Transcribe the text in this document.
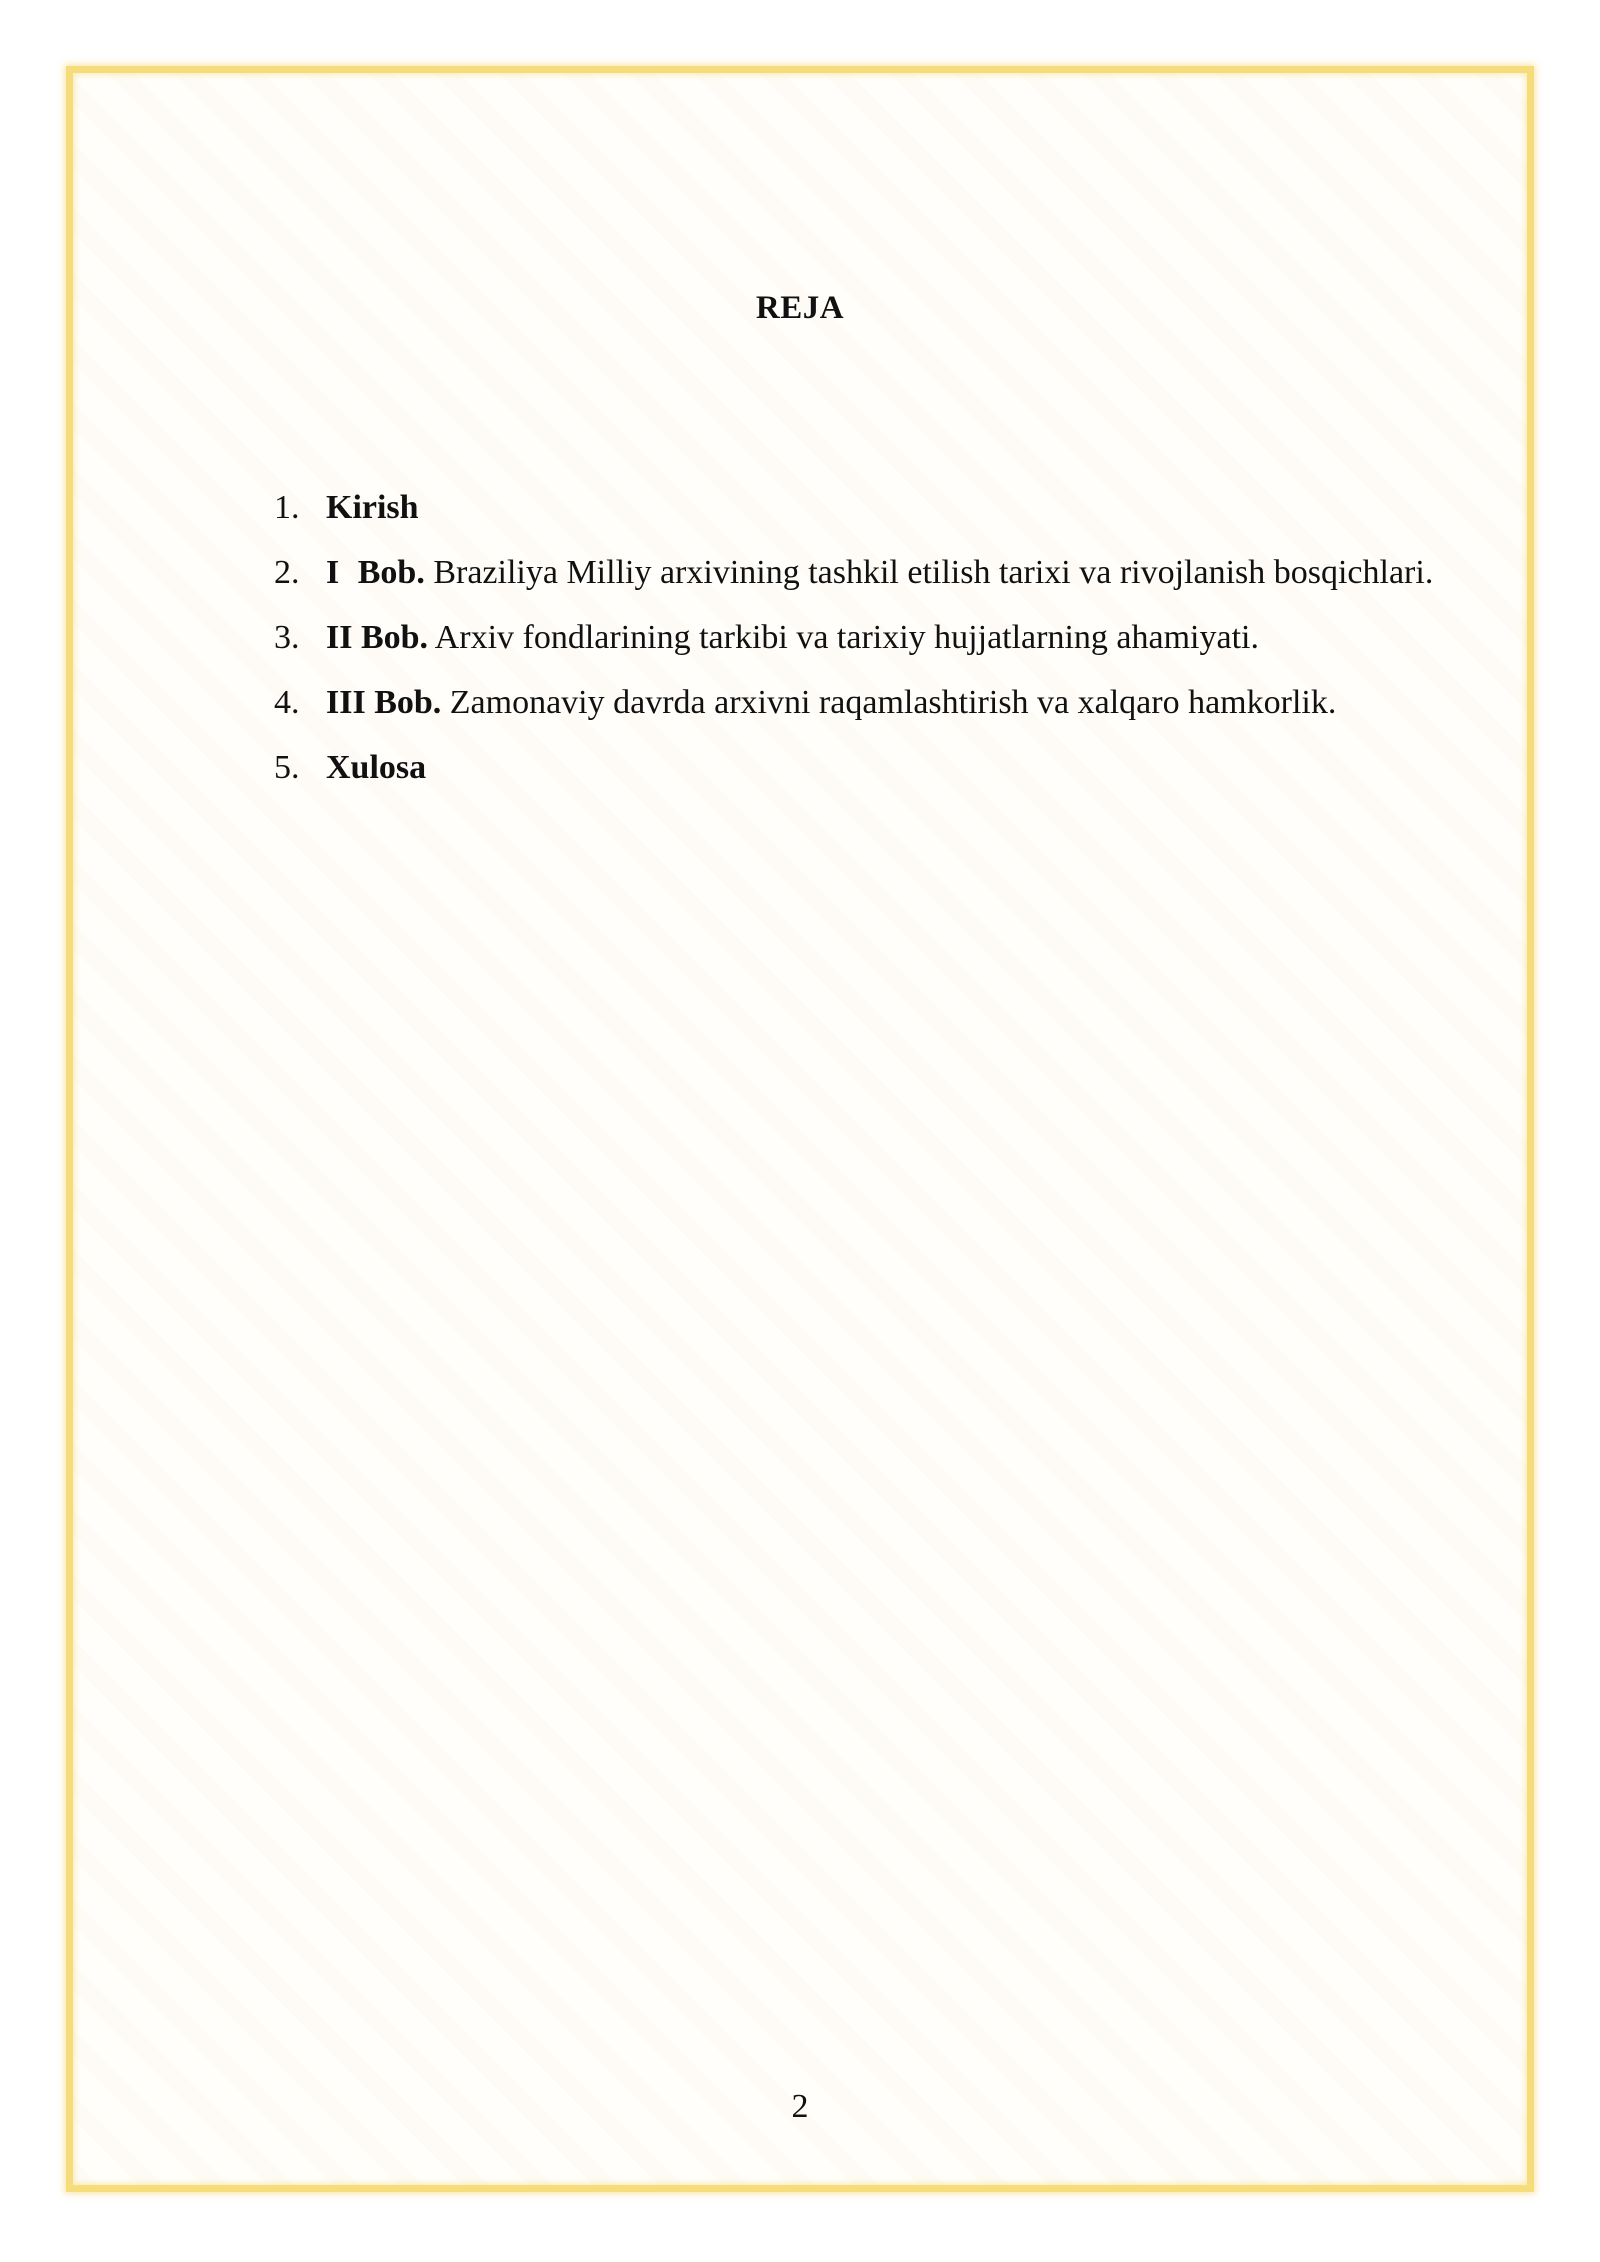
REJA
1. Kirish
2. I Bob. Braziliya Milliy arxivining tashkil etilish tarixi va rivojlanish bosqichlari.
3. II Bob. Arxiv fondlarining tarkibi va tarixiy hujjatlarning ahamiyati.
4. III Bob. Zamonaviy davrda arxivni raqamlashtirish va xalqaro hamkorlik.
5. Xulosa
2
